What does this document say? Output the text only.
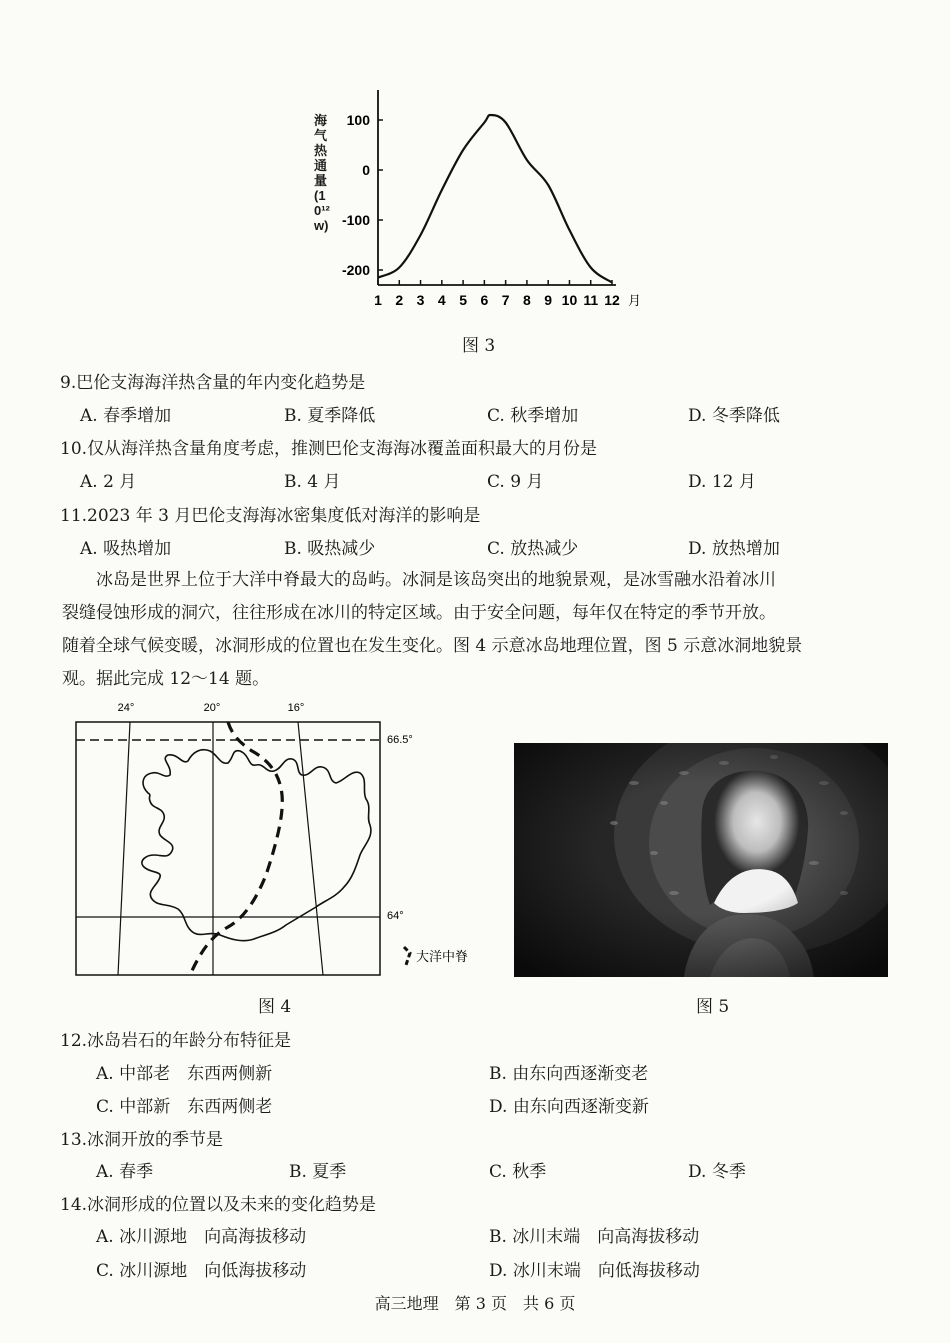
100
0
-100
-200
1 2 3 4 5 6 7 8 9 10 11 12 月
海气热通量(10¹²w)
图 3
9.巴伦支海海洋热含量的年内变化趋势是
A. 春季增加	B. 夏季降低	C. 秋季增加	D. 冬季降低
10.仅从海洋热含量角度考虑，推测巴伦支海海冰覆盖面积最大的月份是
A. 2 月	B. 4 月	C. 9 月	D. 12 月
11.2023 年 3 月巴伦支海海冰密集度低对海洋的影响是
A. 吸热增加	B. 吸热减少	C. 放热减少	D. 放热增加
冰岛是世界上位于大洋中脊最大的岛屿。冰洞是该岛突出的地貌景观，是冰雪融水沿着冰川
裂缝侵蚀形成的洞穴，往往形成在冰川的特定区域。由于安全问题，每年仅在特定的季节开放。
随着全球气候变暖，冰洞形成的位置也在发生变化。图 4 示意冰岛地理位置，图 5 示意冰洞地貌景
观。据此完成 12～14 题。
24°	20°	16°
66.5°
64°
大洋中脊
图 4	图 5
12.冰岛岩石的年龄分布特征是
A. 中部老　东西两侧新	B. 由东向西逐渐变老
C. 中部新　东西两侧老	D. 由东向西逐渐变新
13.冰洞开放的季节是
A. 春季	B. 夏季	C. 秋季	D. 冬季
14.冰洞形成的位置以及未来的变化趋势是
A. 冰川源地　向高海拔移动	B. 冰川末端　向高海拔移动
C. 冰川源地　向低海拔移动	D. 冰川末端　向低海拔移动
高三地理　第 3 页　共 6 页
